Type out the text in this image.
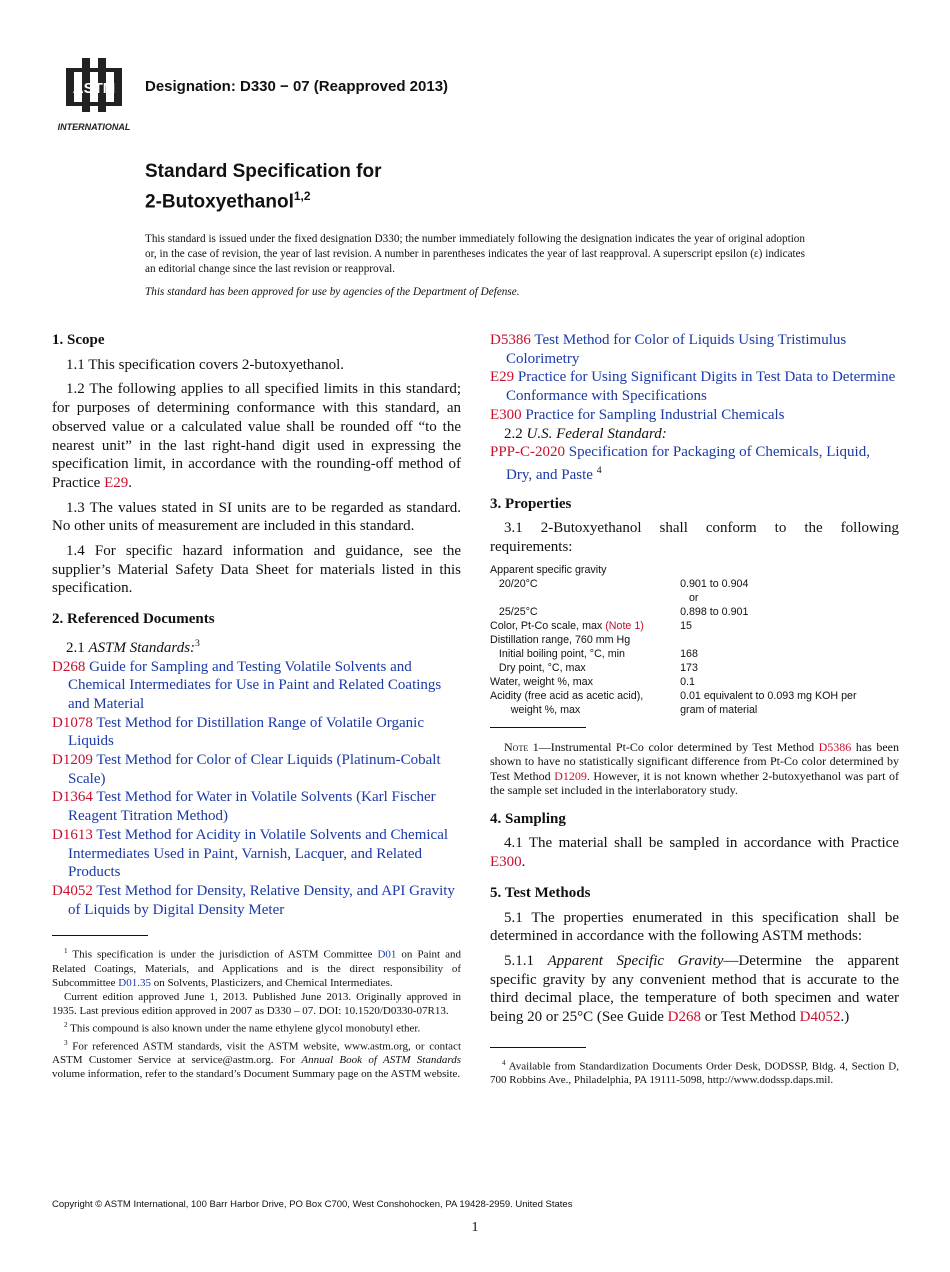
ASTM
INTERNATIONAL
Designation: D330 − 07 (Reapproved 2013)
Standard Specification for
2-Butoxyethanol$^{1,2}$
This standard is issued under the fixed designation D330; the number immediately following the designation indicates the year of original adoption or, in the case of revision, the year of last revision. A number in parentheses indicates the year of last reapproval. A superscript epsilon (ε) indicates an editorial change since the last revision or reapproval.
This standard has been approved for use by agencies of the Department of Defense.
1. Scope
1.1 This specification covers 2-butoxyethanol.
1.2 The following applies to all specified limits in this standard; for purposes of determining conformance with this standard, an observed value or a calculated value shall be rounded off “to the nearest unit” in the last right-hand digit used in expressing the specification limit, in accordance with the rounding-off method of Practice E29.
1.3 The values stated in SI units are to be regarded as standard. No other units of measurement are included in this standard.
1.4 For specific hazard information and guidance, see the supplier’s Material Safety Data Sheet for materials listed in this specification.
2. Referenced Documents
2.1 ASTM Standards:$^3$
D268 Guide for Sampling and Testing Volatile Solvents and Chemical Intermediates for Use in Paint and Related Coatings and Material
D1078 Test Method for Distillation Range of Volatile Organic Liquids
D1209 Test Method for Color of Clear Liquids (Platinum-Cobalt Scale)
D1364 Test Method for Water in Volatile Solvents (Karl Fischer Reagent Titration Method)
D1613 Test Method for Acidity in Volatile Solvents and Chemical Intermediates Used in Paint, Varnish, Lacquer, and Related Products
D4052 Test Method for Density, Relative Density, and API Gravity of Liquids by Digital Density Meter

$^1$ This specification is under the jurisdiction of ASTM Committee D01 on Paint and Related Coatings, Materials, and Applications and is the direct responsibility of Subcommittee D01.35 on Solvents, Plasticizers, and Chemical Intermediates.

Current edition approved June 1, 2013. Published June 2013. Originally approved in 1935. Last previous edition approved in 2007 as D330 – 07. DOI: 10.1520/D0330-07R13.

$^2$ This compound is also known under the name ethylene glycol monobutyl ether.

$^3$ For referenced ASTM standards, visit the ASTM website, www.astm.org, or contact ASTM Customer Service at service@astm.org. For Annual Book of ASTM Standards volume information, refer to the standard’s Document Summary page on the ASTM website.

D5386 Test Method for Color of Liquids Using Tristimulus Colorimetry
E29 Practice for Using Significant Digits in Test Data to Determine Conformance with Specifications
E300 Practice for Sampling Industrial Chemicals
2.2 U.S. Federal Standard:
PPP-C-2020 Specification for Packaging of Chemicals, Liquid, Dry, and Paste $^4$
3. Properties
3.1 2-Butoxyethanol shall conform to the following requirements:
Apparent specific gravity
20/20°C	0.901 to 0.904
or
25/25°C	0.898 to 0.901
Color, Pt-Co scale, max (Note 1)	15
Distillation range, 760 mm Hg
Initial boiling point, °C, min	168
Dry point, °C, max	173
Water, weight %, max	0.1
Acidity (free acid as acetic acid),	0.01 equivalent to 0.093 mg KOH per
weight %, max	gram of material
Note 1—Instrumental Pt-Co color determined by Test Method D5386 has been shown to have no statistically significant difference from Pt-Co color determined by Test Method D1209. However, it is not known whether 2-butoxyethanol was part of the sample set included in the interlaboratory study.
4. Sampling
4.1 The material shall be sampled in accordance with Practice E300.
5. Test Methods
5.1 The properties enumerated in this specification shall be determined in accordance with the following ASTM methods:
5.1.1 Apparent Specific Gravity—Determine the apparent specific gravity by any convenient method that is accurate to the third decimal place, the temperature of both specimen and water being 20 or 25°C (See Guide D268 or Test Method D4052.)

$^4$ Available from Standardization Documents Order Desk, DODSSP, Bldg. 4, Section D, 700 Robbins Ave., Philadelphia, PA 19111-5098, http://www.dodssp.daps.mil.

Copyright © ASTM International, 100 Barr Harbor Drive, PO Box C700, West Conshohocken, PA 19428-2959. United States
1
